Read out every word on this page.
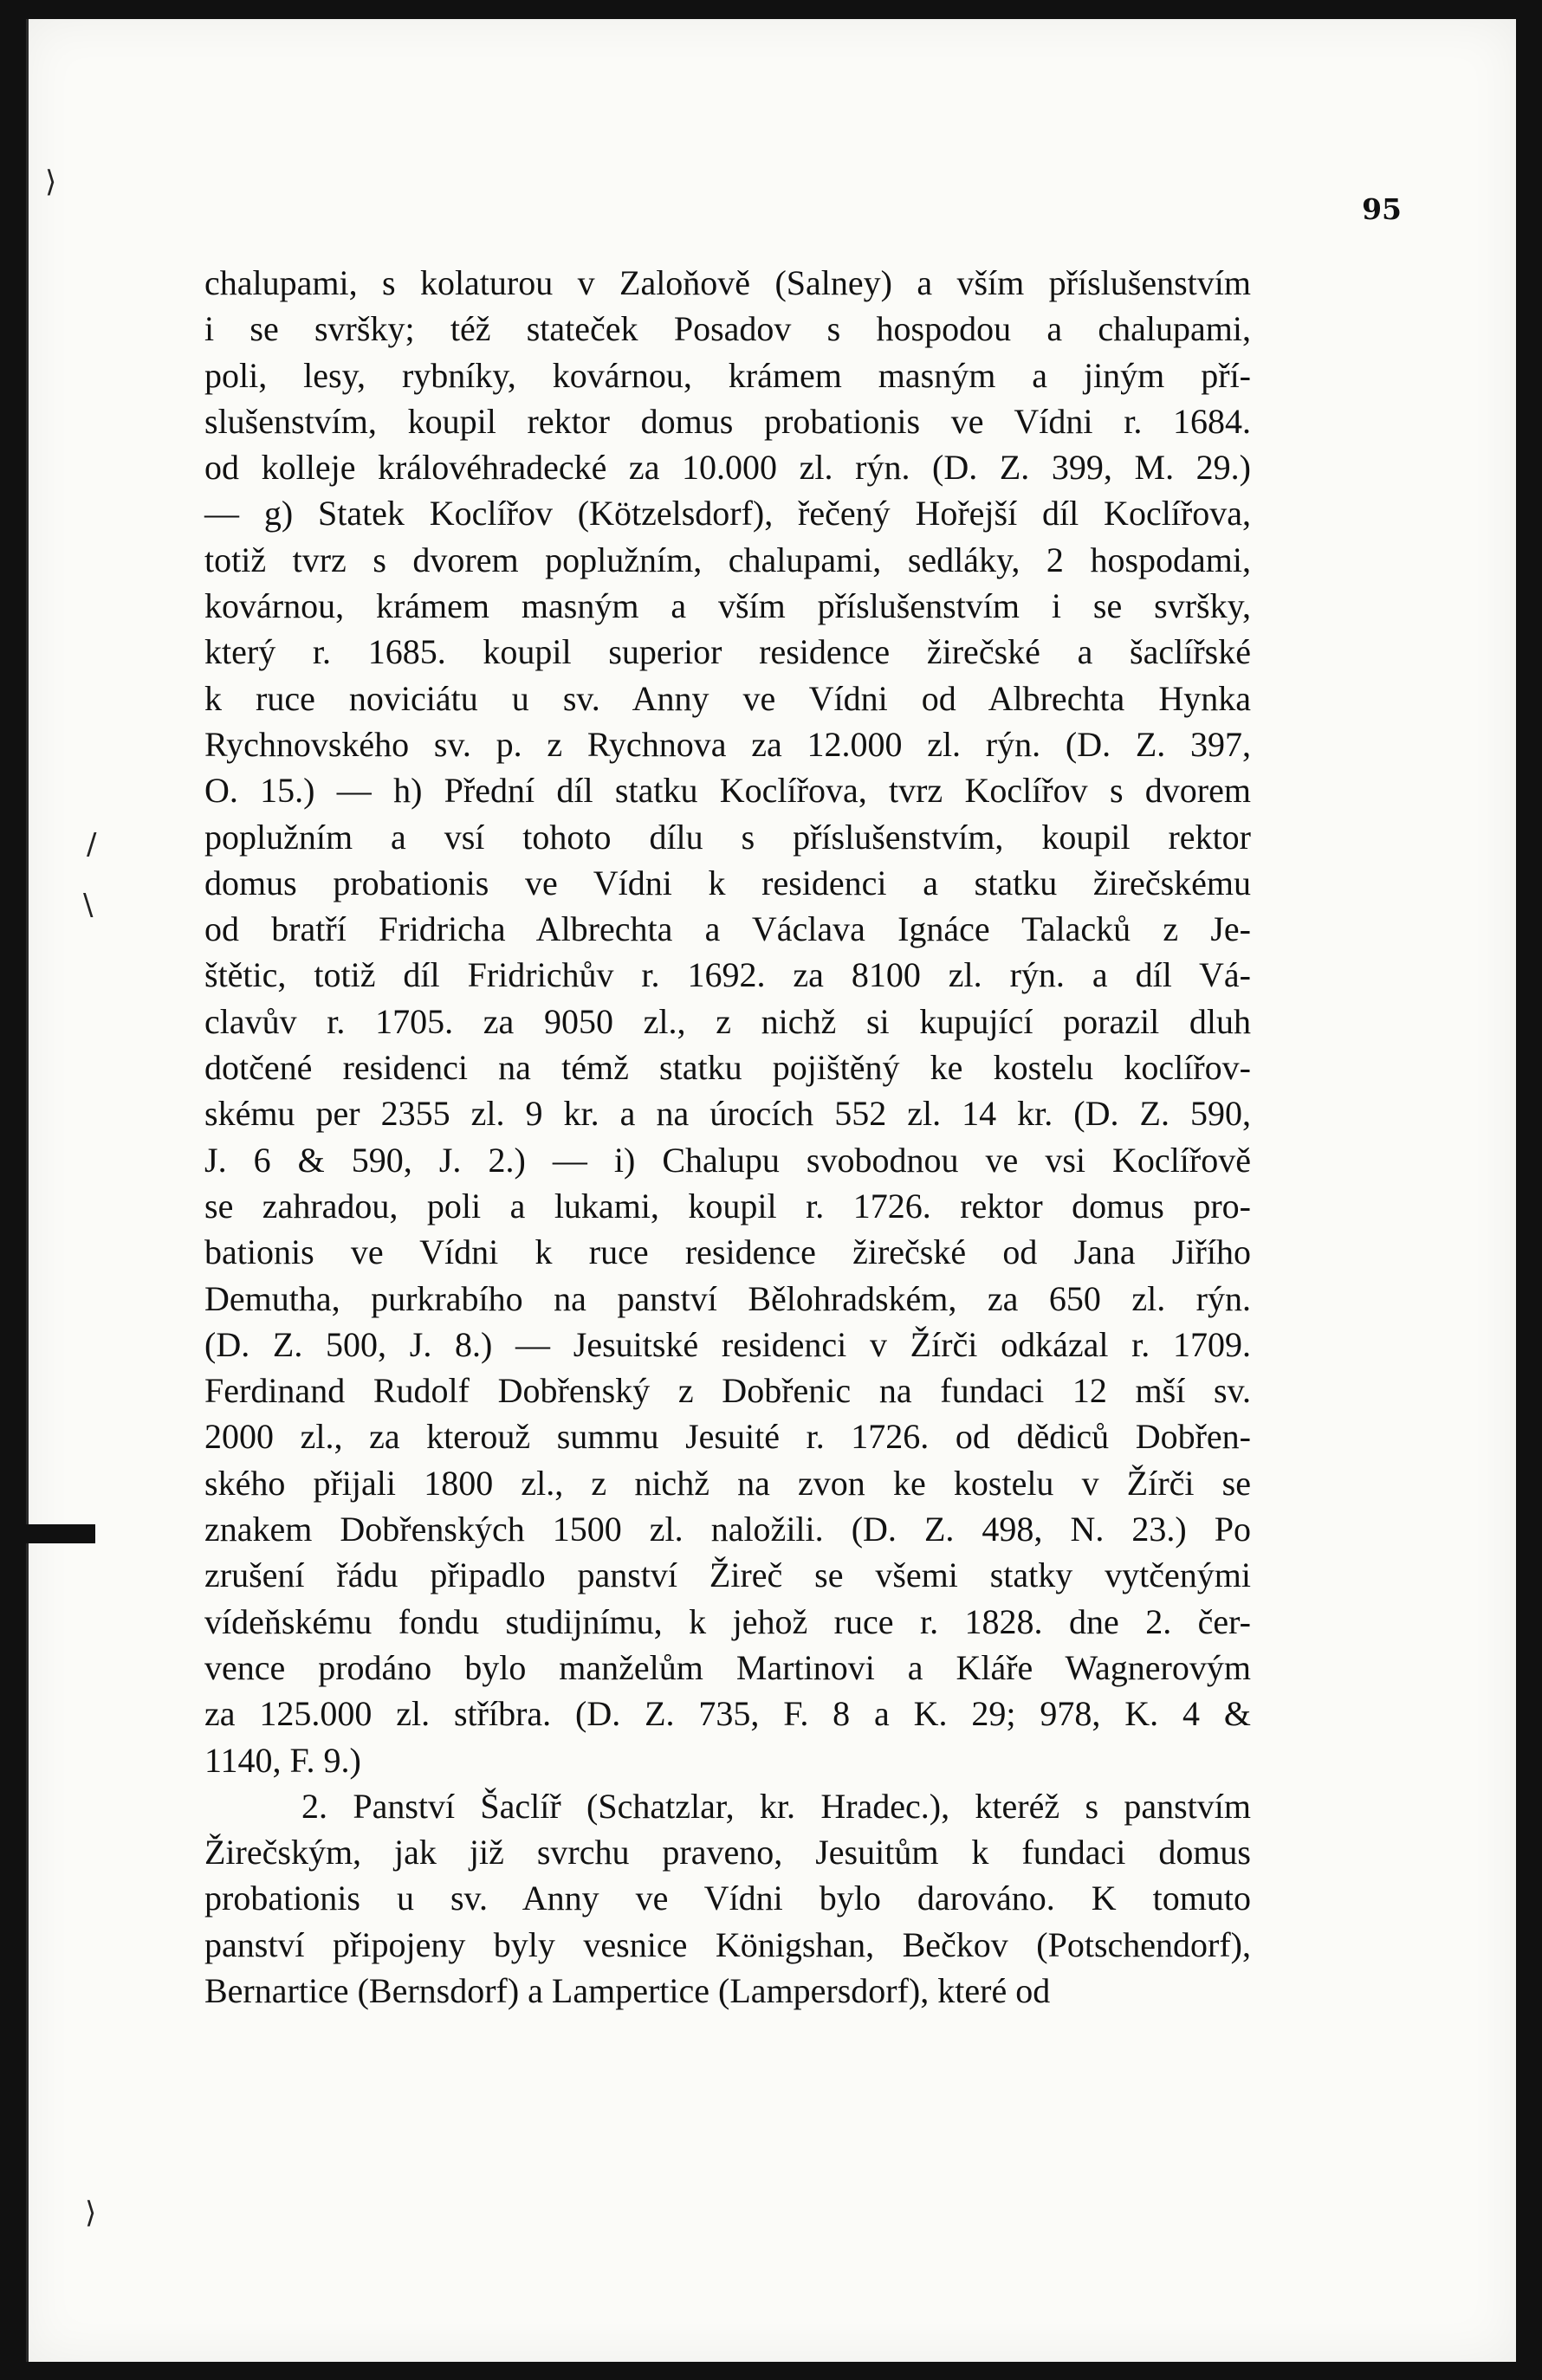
⟩
/
\
⟩
95
chalupami, s kolaturou v Zaloňově (Salney) a vším příslušenstvím
i se svršky; též stateček Posadov s hospodou a chalupami,
poli, lesy, rybníky, kovárnou, krámem masným a jiným pří-
slušenstvím, koupil rektor domus probationis ve Vídni r. 1684.
od kolleje královéhradecké za 10.000 zl. rýn. (D. Z. 399, M. 29.)
— g) Statek Koclířov (Kötzelsdorf), řečený Hořejší díl Koclířova,
totiž tvrz s dvorem poplužním, chalupami, sedláky, 2 hospodami,
kovárnou, krámem masným a vším příslušenstvím i se svršky,
který r. 1685. koupil superior residence žirečské a šaclířské
k ruce noviciátu u sv. Anny ve Vídni od Albrechta Hynka
Rychnovského sv. p. z Rychnova za 12.000 zl. rýn. (D. Z. 397,
O. 15.) — h) Přední díl statku Koclířova, tvrz Koclířov s dvorem
poplužním a vsí tohoto dílu s příslušenstvím, koupil rektor
domus probationis ve Vídni k residenci a statku žirečskému
od bratří Fridricha Albrechta a Václava Ignáce Talacků z Je-
štětic, totiž díl Fridrichův r. 1692. za 8100 zl. rýn. a díl Vá-
clavův r. 1705. za 9050 zl., z nichž si kupující porazil dluh
dotčené residenci na témž statku pojištěný ke kostelu koclířov-
skému per 2355 zl. 9 kr. a na úrocích 552 zl. 14 kr. (D. Z. 590,
J. 6 & 590, J. 2.) — i) Chalupu svobodnou ve vsi Koclířově
se zahradou, poli a lukami, koupil r. 1726. rektor domus pro-
bationis ve Vídni k ruce residence žirečské od Jana Jiřího
Demutha, purkrabího na panství Bělohradském, za 650 zl. rýn.
(D. Z. 500, J. 8.) — Jesuitské residenci v Žírči odkázal r. 1709.
Ferdinand Rudolf Dobřenský z Dobřenic na fundaci 12 mší sv.
2000 zl., za kterouž summu Jesuité r. 1726. od dědiců Dobřen-
ského přijali 1800 zl., z nichž na zvon ke kostelu v Žírči se
znakem Dobřenských 1500 zl. naložili. (D. Z. 498, N. 23.) Po
zrušení řádu připadlo panství Žireč se všemi statky vytčenými
vídeňskému fondu studijnímu, k jehož ruce r. 1828. dne 2. čer-
vence prodáno bylo manželům Martinovi a Kláře Wagnerovým
za 125.000 zl. stříbra. (D. Z. 735, F. 8 a K. 29; 978, K. 4 &
1140, F. 9.)
2. Panství Šaclíř (Schatzlar, kr. Hradec.), kteréž s panstvím
Žirečským, jak již svrchu praveno, Jesuitům k fundaci domus
probationis u sv. Anny ve Vídni bylo darováno. K tomuto
panství připojeny byly vesnice Königshan, Bečkov (Potschendorf),
Bernartice (Bernsdorf) a Lampertice (Lampersdorf), které od
